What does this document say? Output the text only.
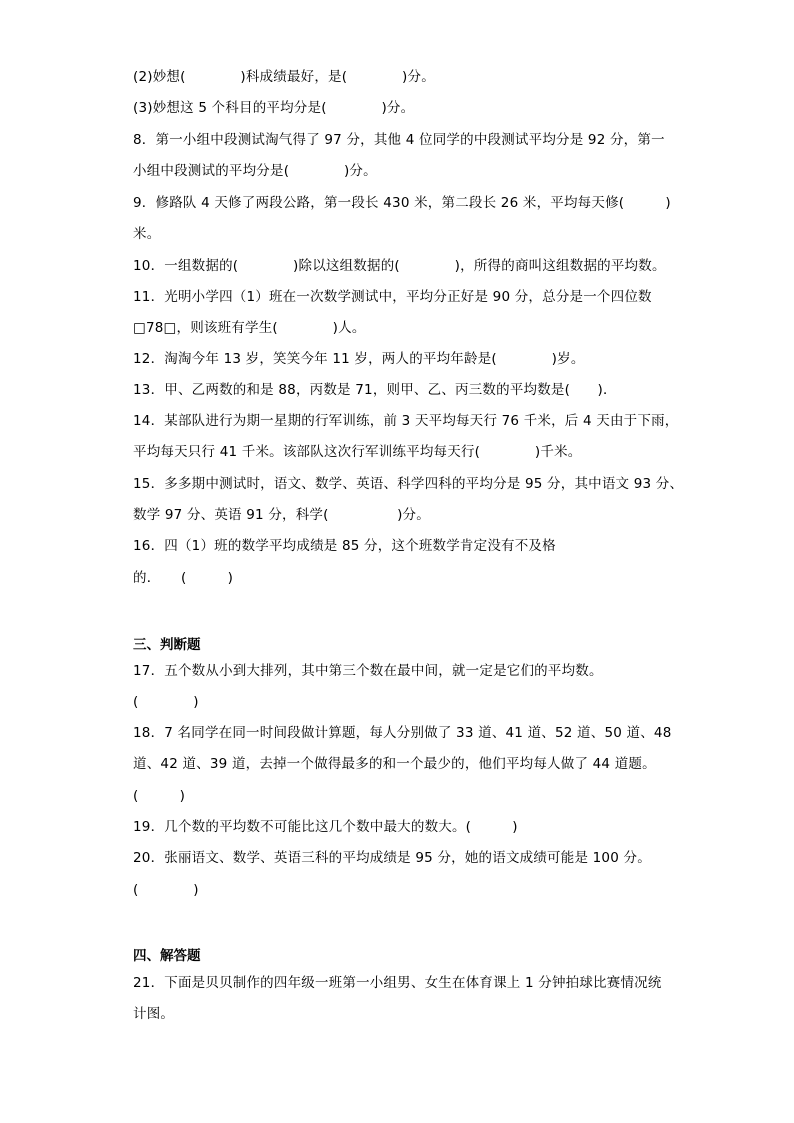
(2)妙想(　　　　)科成绩最好，是(　　　　)分。
(3)妙想这 5 个科目的平均分是(　　　　)分。
8．第一小组中段测试淘气得了 97 分，其他 4 位同学的中段测试平均分是 92 分，第一
小组中段测试的平均分是(　　　　)分。
9．修路队 4 天修了两段公路，第一段长 430 米，第二段长 26 米，平均每天修(　　　)
米。
10．一组数据的(　　　　)除以这组数据的(　　　　)，所得的商叫这组数据的平均数。
11．光明小学四（1）班在一次数学测试中，平均分正好是 90 分，总分是一个四位数
□78□，则该班有学生(　　　　)人。
12．淘淘今年 13 岁，笑笑今年 11 岁，两人的平均年龄是(　　　　)岁。
13．甲、乙两数的和是 88，丙数是 71，则甲、乙、丙三数的平均数是(　　)．
14．某部队进行为期一星期的行军训练，前 3 天平均每天行 76 千米，后 4 天由于下雨，
平均每天只行 41 千米。该部队这次行军训练平均每天行(　　　　)千米。
15．多多期中测试时，语文、数学、英语、科学四科的平均分是 95 分，其中语文 93 分、
数学 97 分、英语 91 分，科学(　　　　　)分。
16．四（1）班的数学平均成绩是 85 分，这个班数学肯定没有不及格
的．　　(　　　)
三、判断题
17．五个数从小到大排列，其中第三个数在最中间，就一定是它们的平均数。
(　　　　)
18．7 名同学在同一时间段做计算题，每人分别做了 33 道、41 道、52 道、50 道、48
道、42 道、39 道，去掉一个做得最多的和一个最少的，他们平均每人做了 44 道题。
(　　　)
19．几个数的平均数不可能比这几个数中最大的数大。(　　　)
20．张丽语文、数学、英语三科的平均成绩是 95 分，她的语文成绩可能是 100 分。
(　　　　)
四、解答题
21．下面是贝贝制作的四年级一班第一小组男、女生在体育课上 1 分钟拍球比赛情况统
计图。
